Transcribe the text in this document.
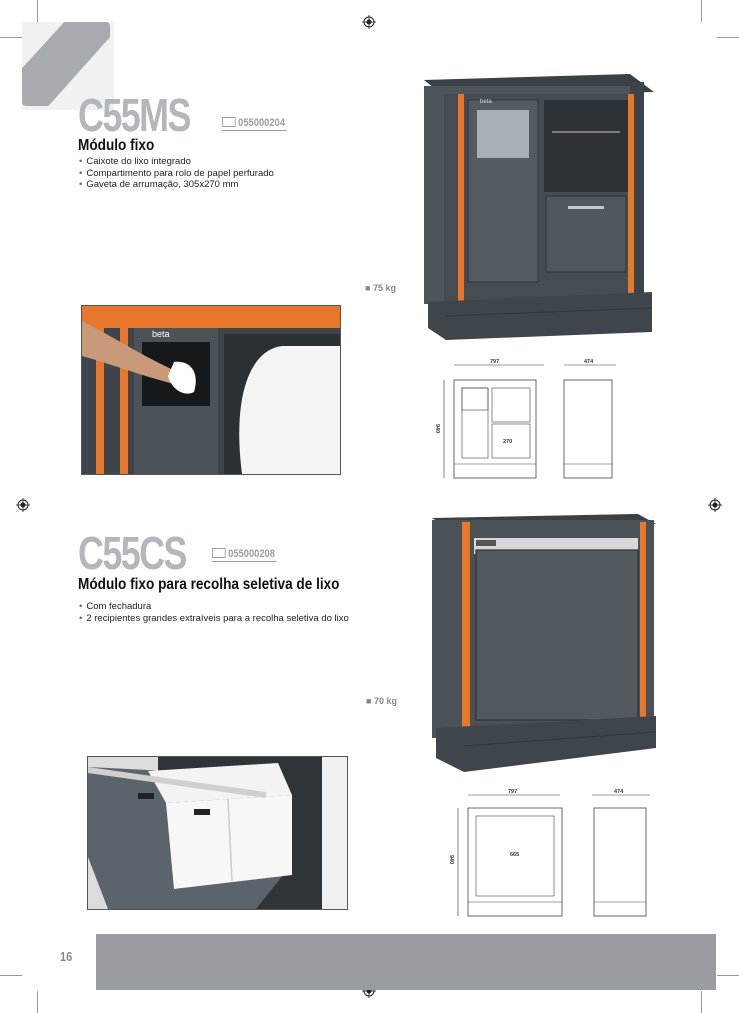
C55MS	055000204
Módulo fixo
• Caixote do lixo integrado
• Compartimento para rolo de papel perfurado
• Gaveta de arrumação, 305x270 mm
beta
■ 75 kg
beta
797	474
940
270
C55CS	055000208
Módulo fixo para recolha seletiva de lixo
• Com fechadura
• 2 recipientes grandes extraíveis para a recolha seletiva do lixo
■ 70 kg
797	474
940	665
16
